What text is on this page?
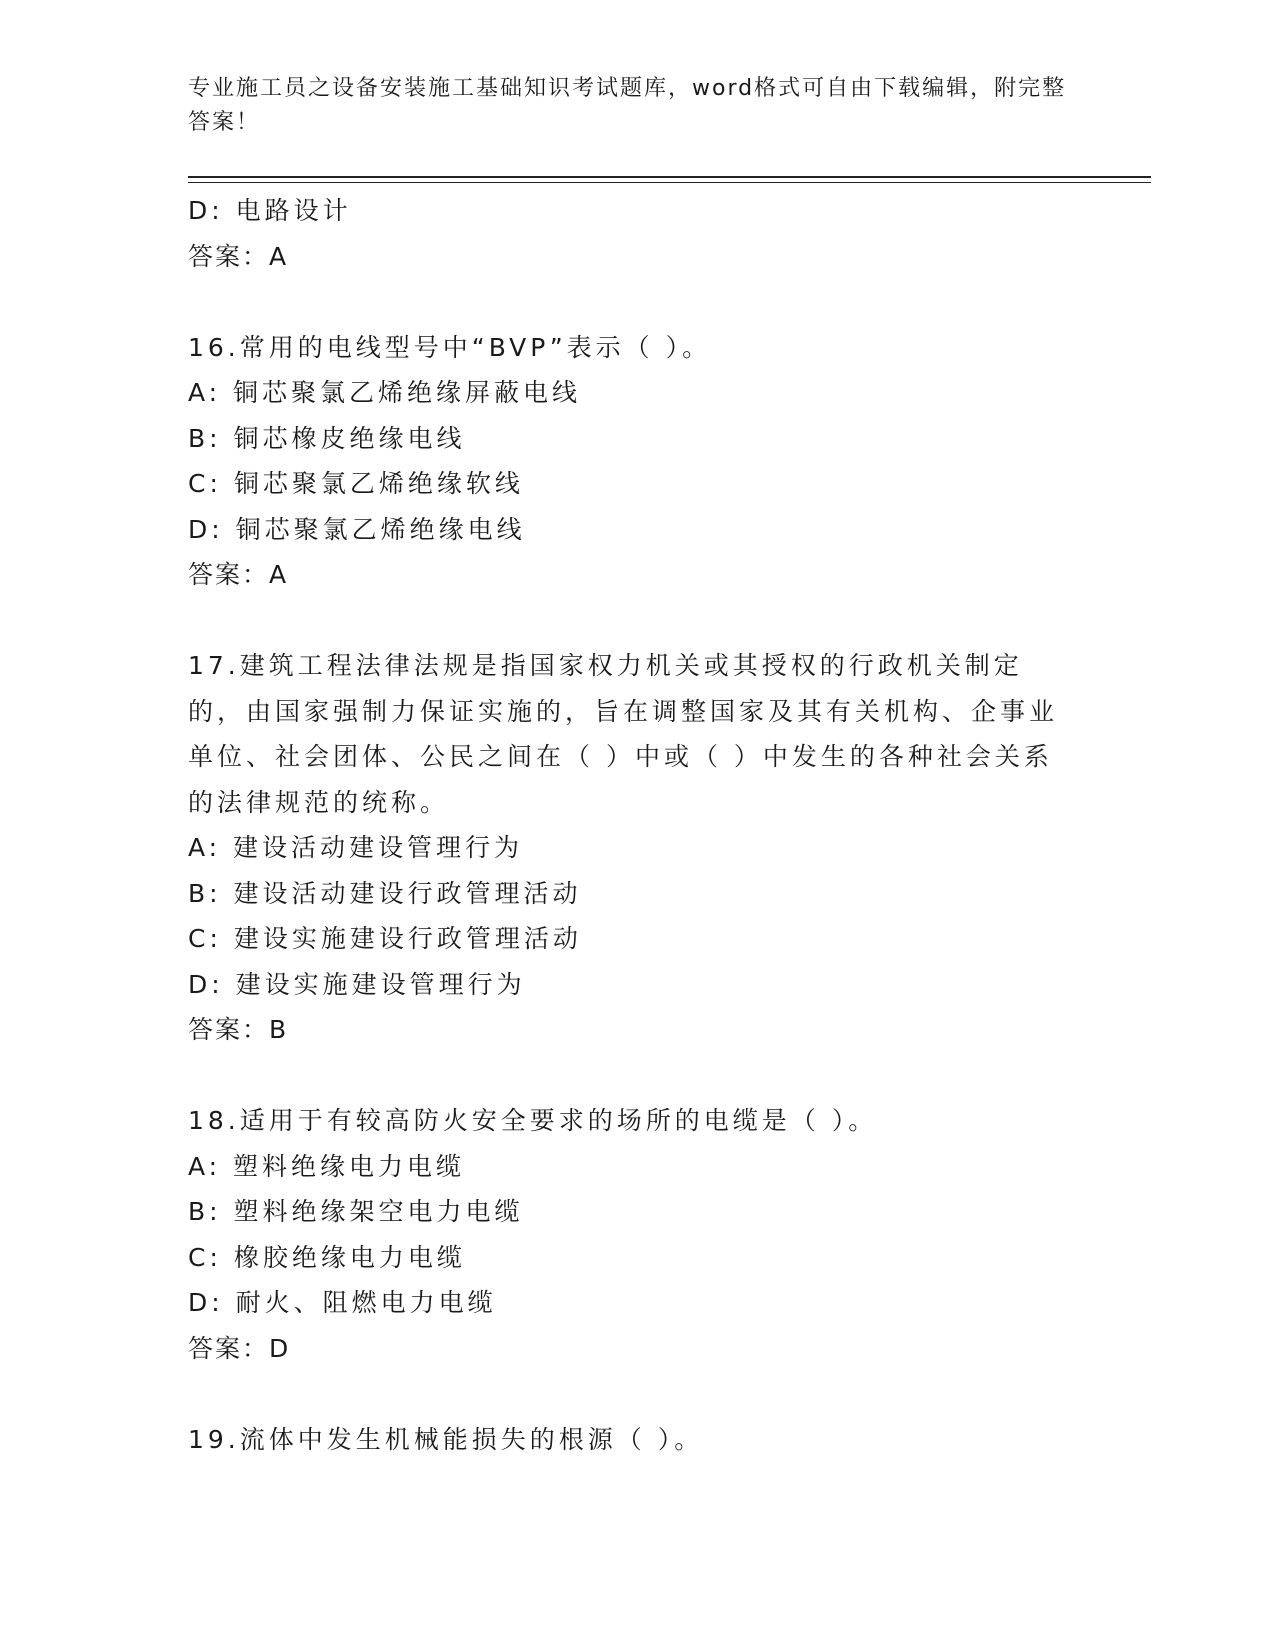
专业施工员之设备安装施工基础知识考试题库，word格式可自由下载编辑，附完整答案！
D: 电路设计
答案：A
16.常用的电线型号中“BVP”表示（ ）。
A: 铜芯聚氯乙烯绝缘屏蔽电线
B: 铜芯橡皮绝缘电线
C: 铜芯聚氯乙烯绝缘软线
D: 铜芯聚氯乙烯绝缘电线
答案：A
17.建筑工程法律法规是指国家权力机关或其授权的行政机关制定的，由国家强制力保证实施的，旨在调整国家及其有关机构、企事业单位、社会团体、公民之间在（ ）中或（ ）中发生的各种社会关系的法律规范的统称。
A: 建设活动建设管理行为
B: 建设活动建设行政管理活动
C: 建设实施建设行政管理活动
D: 建设实施建设管理行为
答案：B
18.适用于有较高防火安全要求的场所的电缆是（ ）。
A: 塑料绝缘电力电缆
B: 塑料绝缘架空电力电缆
C: 橡胶绝缘电力电缆
D: 耐火、阻燃电力电缆
答案：D
19.流体中发生机械能损失的根源（ ）。
